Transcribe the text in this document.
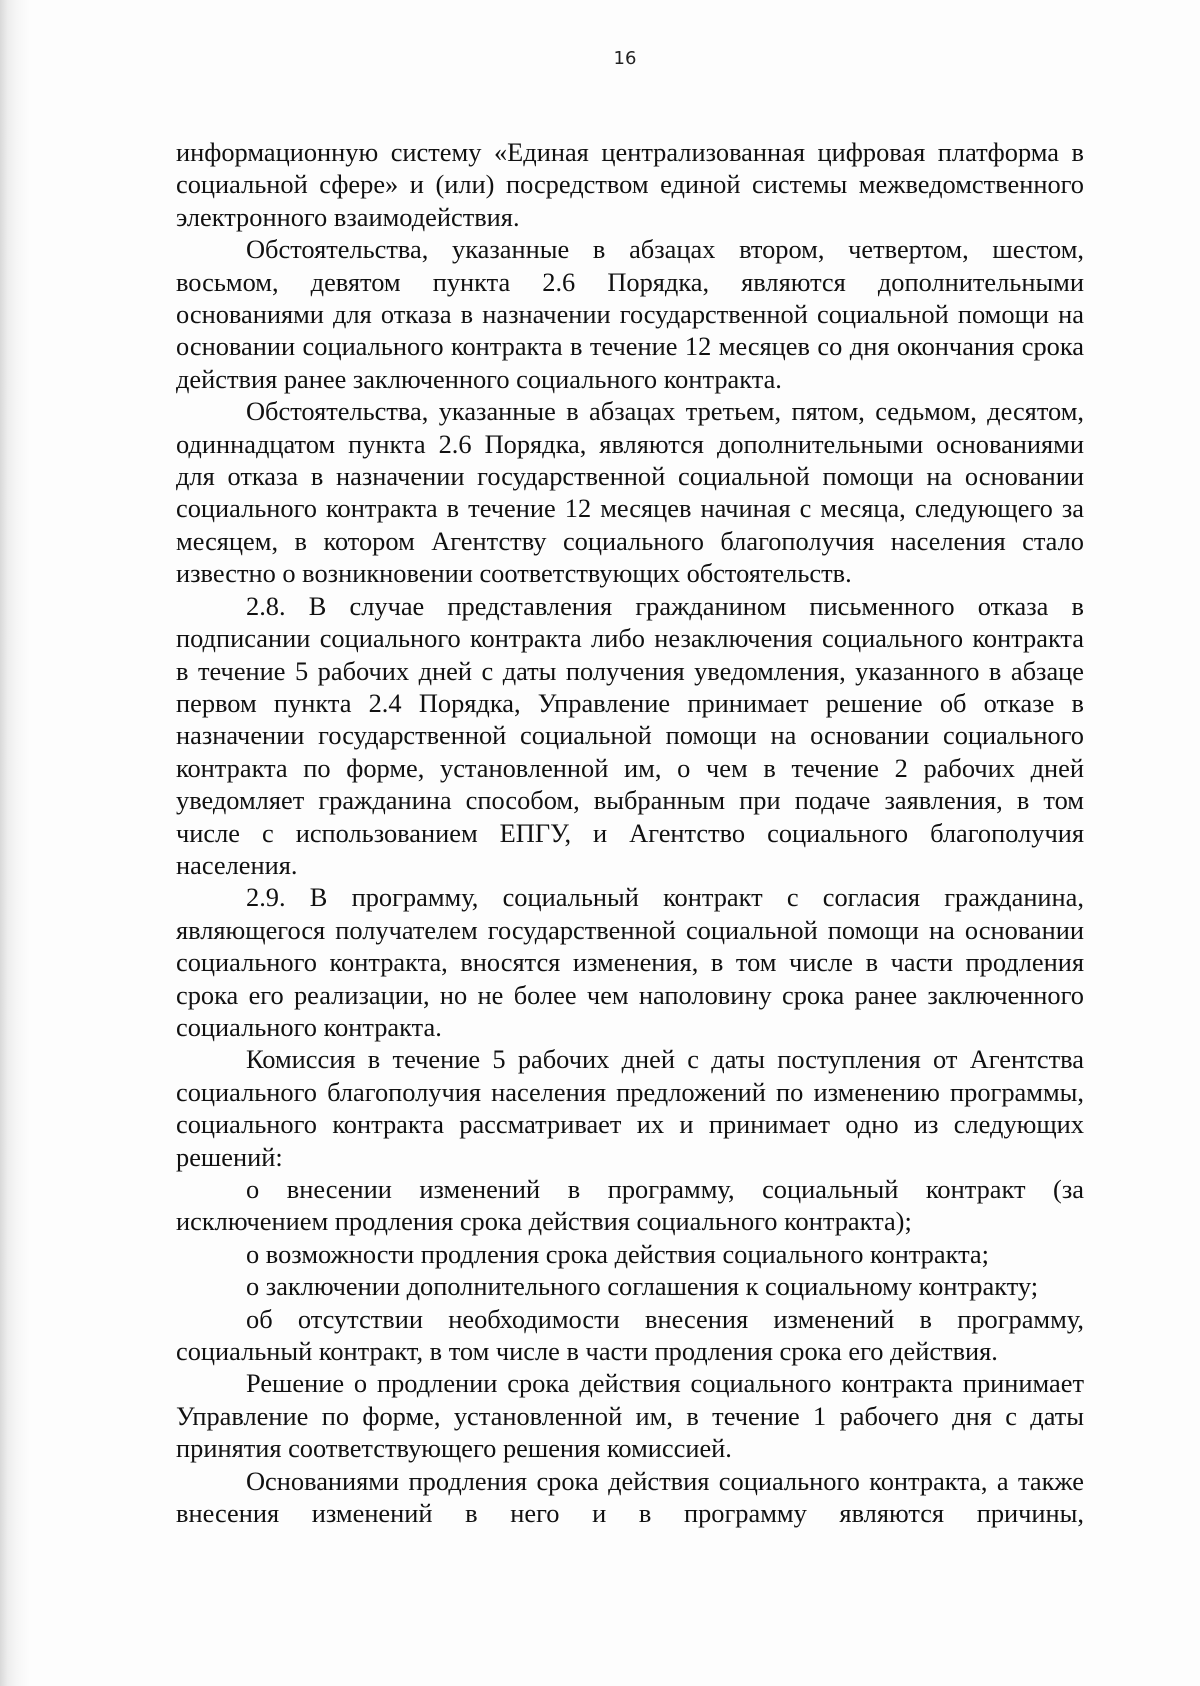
16

информационную систему «Единая централизованная цифровая платформа в социальной сфере» и (или) посредством единой системы межведомственного электронного взаимодействия.

Обстоятельства, указанные в абзацах втором, четвертом, шестом, восьмом, девятом пункта 2.6 Порядка, являются дополнительными основаниями для отказа в назначении государственной социальной помощи на основании социального контракта в течение 12 месяцев со дня окончания срока действия ранее заключенного социального контракта.

Обстоятельства, указанные в абзацах третьем, пятом, седьмом, десятом, одиннадцатом пункта 2.6 Порядка, являются дополнительными основаниями для отказа в назначении государственной социальной помощи на основании социального контракта в течение 12 месяцев начиная с месяца, следующего за месяцем, в котором Агентству социального благополучия населения стало известно о возникновении соответствующих обстоятельств.

2.8. В случае представления гражданином письменного отказа в подписании социального контракта либо незаключения социального контракта в течение 5 рабочих дней с даты получения уведомления, указанного в абзаце первом пункта 2.4 Порядка, Управление принимает решение об отказе в назначении государственной социальной помощи на основании социального контракта по форме, установленной им, о чем в течение 2 рабочих дней уведомляет гражданина способом, выбранным при подаче заявления, в том числе с использованием ЕПГУ, и Агентство социального благополучия населения.

2.9. В программу, социальный контракт с согласия гражданина, являющегося получателем государственной социальной помощи на основании социального контракта, вносятся изменения, в том числе в части продления срока его реализации, но не более чем наполовину срока ранее заключенного социального контракта.

Комиссия в течение 5 рабочих дней с даты поступления от Агентства социального благополучия населения предложений по изменению программы, социального контракта рассматривает их и принимает одно из следующих решений:

о внесении изменений в программу, социальный контракт (за исключением продления срока действия социального контракта);

о возможности продления срока действия социального контракта;

о заключении дополнительного соглашения к социальному контракту;

об отсутствии необходимости внесения изменений в программу, социальный контракт, в том числе в части продления срока его действия.

Решение о продлении срока действия социального контракта принимает Управление по форме, установленной им, в течение 1 рабочего дня с даты принятия соответствующего решения комиссией.

Основаниями продления срока действия социального контракта, а также внесения изменений в него и в программу являются причины,
